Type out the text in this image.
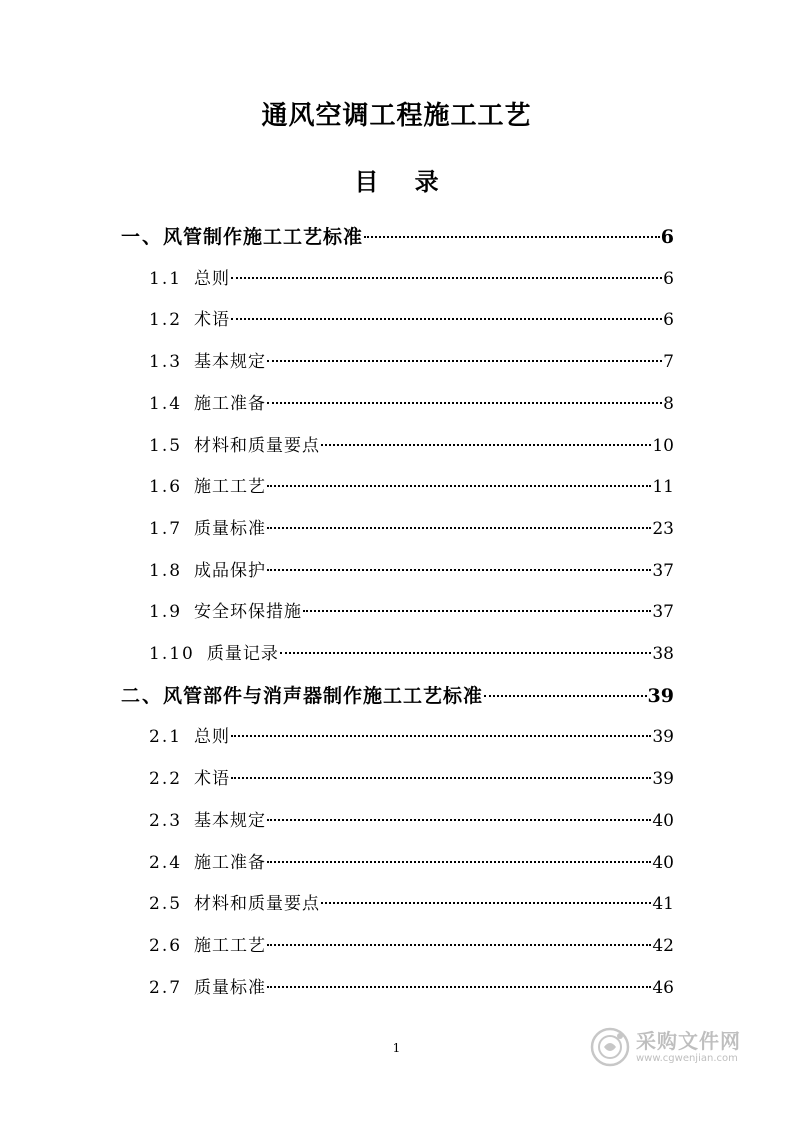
通风空调工程施工工艺
目 录
一、 风管制作施工工艺标准	6
1.1 总则	6
1.2 术语	6
1.3 基本规定	7
1.4 施工准备	8
1.5 材料和质量要点	10
1.6 施工工艺	11
1.7 质量标准	23
1.8 成品保护	37
1.9 安全环保措施	37
1.10 质量记录	38
二、 风管部件与消声器制作施工工艺标准	39
2.1 总则	39
2.2 术语	39
2.3 基本规定	40
2.4 施工准备	40
2.5 材料和质量要点	41
2.6 施工工艺	42
2.7 质量标准	46
1	采购文件网
www.cgwenjian.com
